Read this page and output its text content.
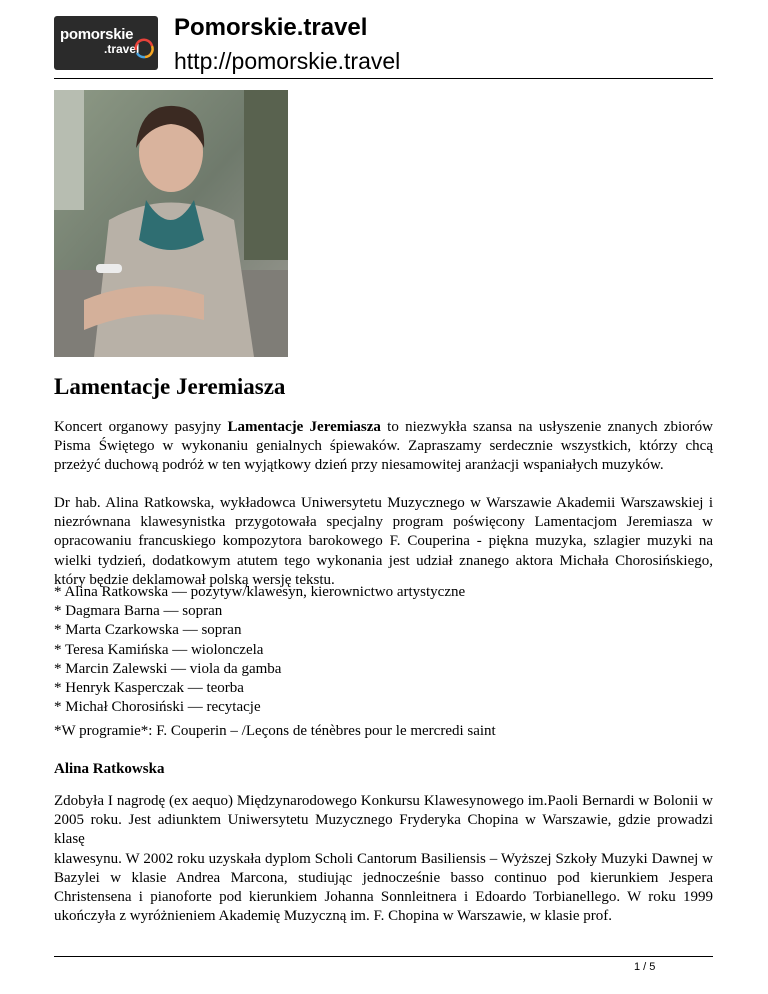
pomorskie
.travel
Pomorskie.travel
http://pomorskie.travel
Lamentacje Jeremiasza
Koncert organowy pasyjny Lamentacje Jeremiasza to niezwykła szansa na usłyszenie znanych zbiorów Pisma Świętego w wykonaniu genialnych śpiewaków. Zapraszamy serdecznie wszystkich, którzy chcą przeżyć duchową podróż w ten wyjątkowy dzień przy niesamowitej aranżacji wspaniałych muzyków.
Dr hab. Alina Ratkowska, wykładowca Uniwersytetu Muzycznego w Warszawie Akademii Warszawskiej i niezrównana klawesynistka przygotowała specjalny program poświęcony Lamentacjom Jeremiasza w opracowaniu francuskiego kompozytora barokowego F. Couperina - piękna muzyka, szlagier muzyki na wielki tydzień, dodatkowym atutem tego wykonania jest udział znanego aktora Michała Chorosińskiego, który będzie deklamował polską wersję tekstu.
* Alina Ratkowska — pozytyw/klawesyn, kierownictwo artystyczne
* Dagmara Barna — sopran
* Marta Czarkowska — sopran
* Teresa Kamińska — wiolonczela
* Marcin Zalewski — viola da gamba
* Henryk Kasperczak — teorba
* Michał Chorosiński — recytacje
*W programie*: F. Couperin – /Leçons de ténèbres pour le mercredi saint
Alina Ratkowska
Zdobyła I nagrodę (ex aequo) Międzynarodowego Konkursu Klawesynowego im.Paoli Bernardi w Bolonii w 2005 roku. Jest adiunktem Uniwersytetu Muzycznego Fryderyka Chopina w Warszawie, gdzie prowadzi klasę
klawesynu. W 2002 roku uzyskała dyplom Scholi Cantorum Basiliensis – Wyższej Szkoły Muzyki Dawnej w Bazylei w klasie Andrea Marcona, studiując jednocześnie basso continuo pod kierunkiem Jespera Christensena i pianoforte pod kierunkiem Johanna Sonnleitnera i Edoardo Torbianellego. W roku 1999 ukończyła z wyróżnieniem Akademię Muzyczną im. F. Chopina w Warszawie, w klasie prof.
1 / 5
